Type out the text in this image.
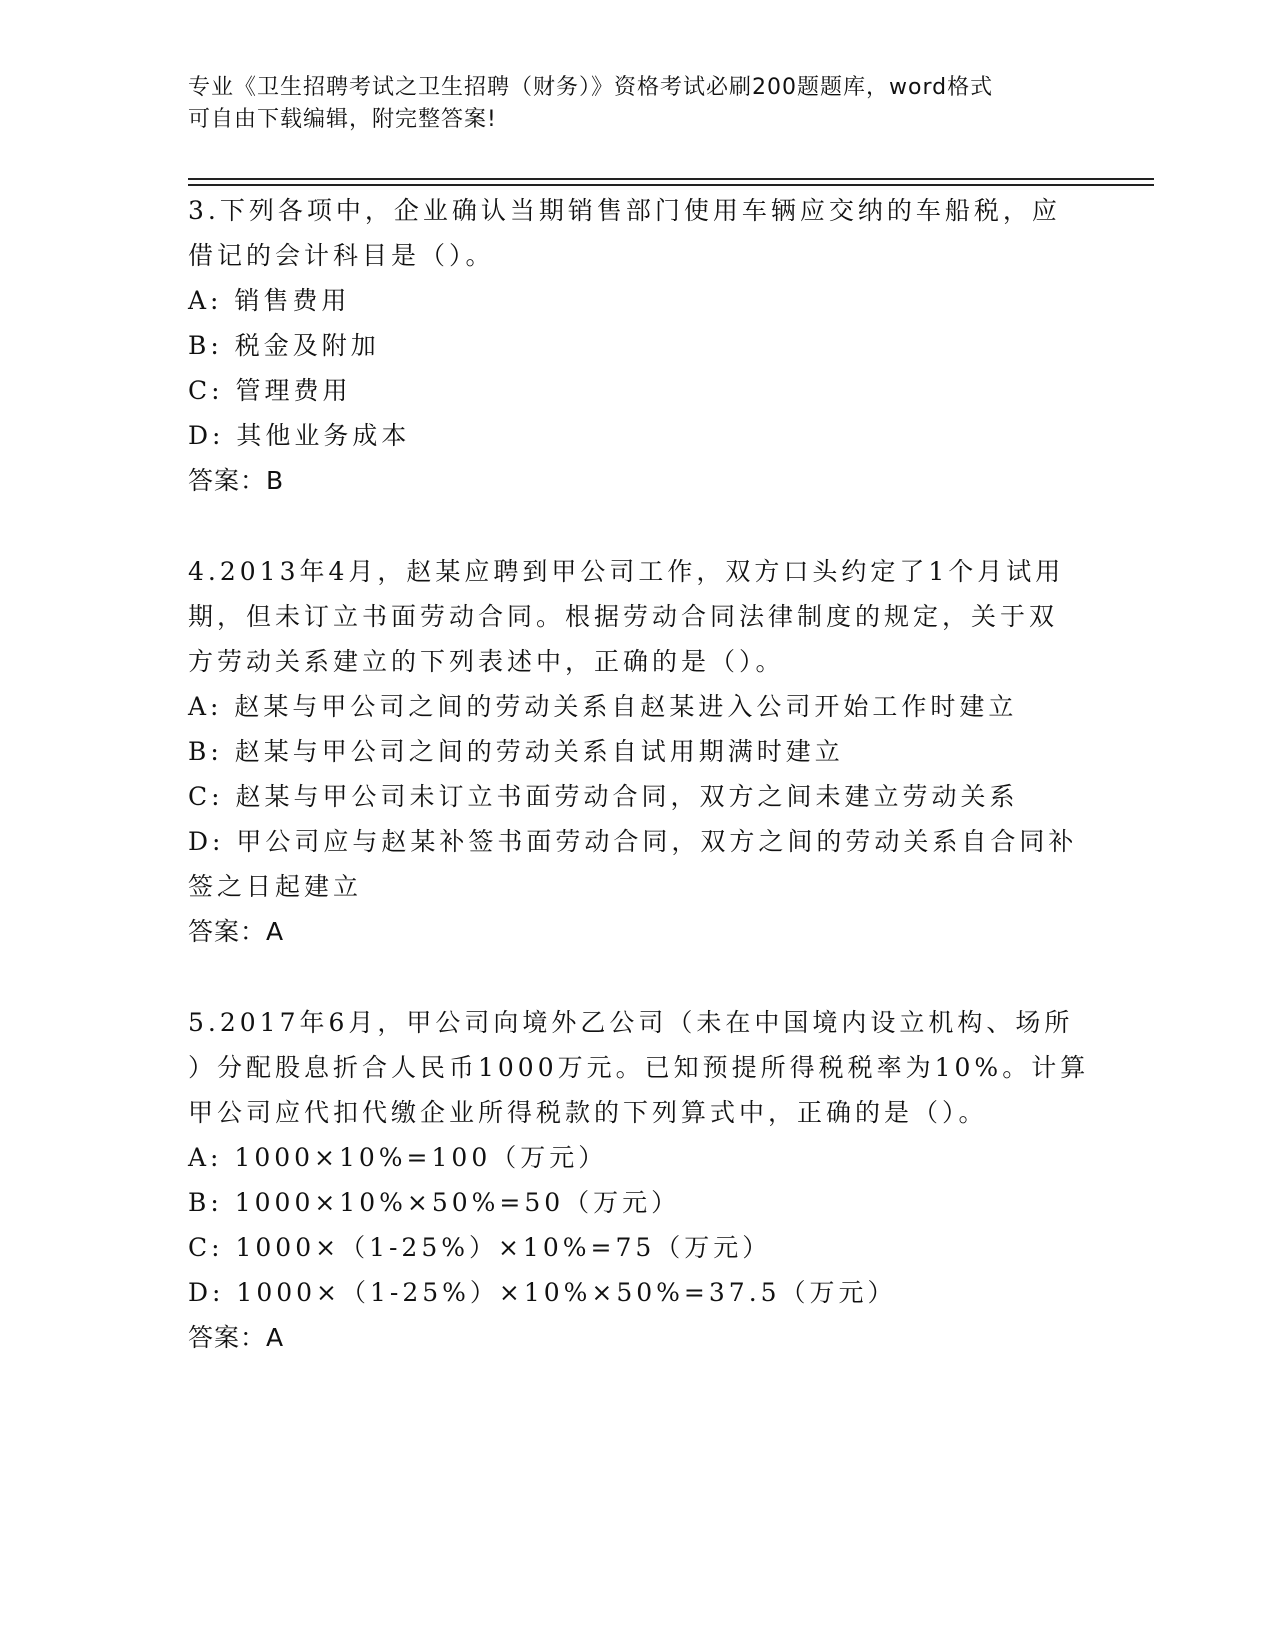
专业《卫生招聘考试之卫生招聘（财务）》资格考试必刷200题题库，word格式
可自由下载编辑，附完整答案!
3.下列各项中，企业确认当期销售部门使用车辆应交纳的车船税，应
借记的会计科目是（）。
A: 销售费用
B: 税金及附加
C: 管理费用
D: 其他业务成本
答案：B
4.2013年4月，赵某应聘到甲公司工作，双方口头约定了1个月试用
期，但未订立书面劳动合同。根据劳动合同法律制度的规定，关于双
方劳动关系建立的下列表述中，正确的是（）。
A: 赵某与甲公司之间的劳动关系自赵某进入公司开始工作时建立
B: 赵某与甲公司之间的劳动关系自试用期满时建立
C: 赵某与甲公司未订立书面劳动合同，双方之间未建立劳动关系
D: 甲公司应与赵某补签书面劳动合同，双方之间的劳动关系自合同补
签之日起建立
答案：A
5.2017年6月，甲公司向境外乙公司（未在中国境内设立机构、场所
）分配股息折合人民币1000万元。已知预提所得税税率为10%。计算
甲公司应代扣代缴企业所得税款的下列算式中，正确的是（）。
A: 1000×10%=100（万元）
B: 1000×10%×50%=50（万元）
C: 1000×（1-25%）×10%=75（万元）
D: 1000×（1-25%）×10%×50%=37.5（万元）
答案：A
